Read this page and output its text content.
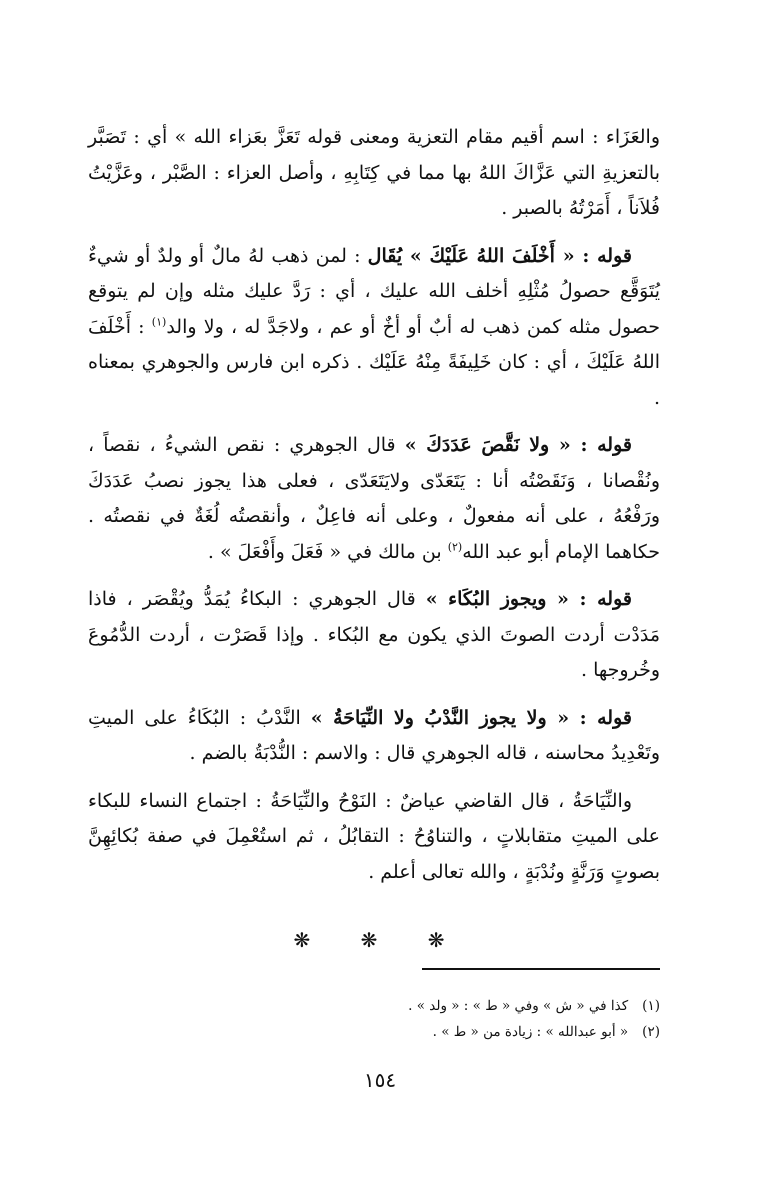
والعَزَاء : اسم أقيم مقام التعزية ومعنى قوله تَعَزَّ بعَزاء الله » أي : تَصَبَّر بالتعزيةِ التي عَزَّاكَ اللهُ بها مما في كِتَابِهِ ، وأصل العزاء : الصَّبْر ، وعَزَّيْتُ فُلاَناً ، أَمَرْتُهُ بالصبر .

قوله : « أَخْلَفَ اللهُ عَلَيْكَ » يُقَال : لمن ذهب لهُ مالٌ أو ولدٌ أو شيءٌ يُتَوَقَّع حصولُ مُثْلِهِ أخلف الله عليك ، أي : رَدَّ عليك مثله وإن لم يتوقع حصول مثله كمن ذهب له أبٌ أو أخٌ أو عم ، ولاجَدَّ له ، ولا والد$^{(١)}$ : أَخْلَفَ اللهُ عَلَيْكَ ، أي : كان خَلِيفَةً مِنْهُ عَلَيْك . ذكره ابن فارس والجوهري بمعناه .

قوله : « ولا نَقَّصَ عَدَدَكَ » قال الجوهري : نقص الشيءُ ، نقصاً ، ونُقْصانا ، وَنَقَصْتُه أنا : يَتَعَدّى ولايَتَعَدّى ، فعلى هذا يجوز نصبُ عَدَدَكَ ورَفْعُهُ ، على أنه مفعولٌ ، وعلى أنه فاعِلٌ ، وأنقصتُه لُغَةٌ في نقصتُه . حكاهما الإمام أبو عبد الله$^{(٢)}$ بن مالك في « فَعَلَ وأَفْعَلَ » .

قوله : « ويجوز البُكَاء » قال الجوهري : البكاءُ يُمَدُّ ويُقْصَر ، فاذا مَدَدْت أردت الصوتَ الذي يكون مع البُكاء . وإذا قَصَرْت ، أردت الدُّمُوعَ وخُروجها .

قوله : « ولا يجوز النَّدْبُ ولا النِّيَاحَةُ » النَّدْبُ : البُكَاءُ على الميتِ وتَعْدِيدُ محاسنه ، قاله الجوهري قال : والاسم : النُّدْبَةُ بالضم .

والنِّيَاحَةُ ، قال القاضي عياضٌ : النَوْحُ والنِّيَاحَةُ : اجتماع النساء للبكاء على الميتِ متقابلاتٍ ، والتناوُحُ : التقابُلُ ، ثم استُعْمِلَ في صفة بُكائِهِنَّ بصوتٍ وَرَنَّةٍ ونُدْبَةٍ ، والله تعالى أعلم .

❋ ❋ ❋

(١)كذا في « ش » وفي « ط » : « ولد » .

(٢)« أبو عبدالله » : زيادة من « ط » .

١٥٤
